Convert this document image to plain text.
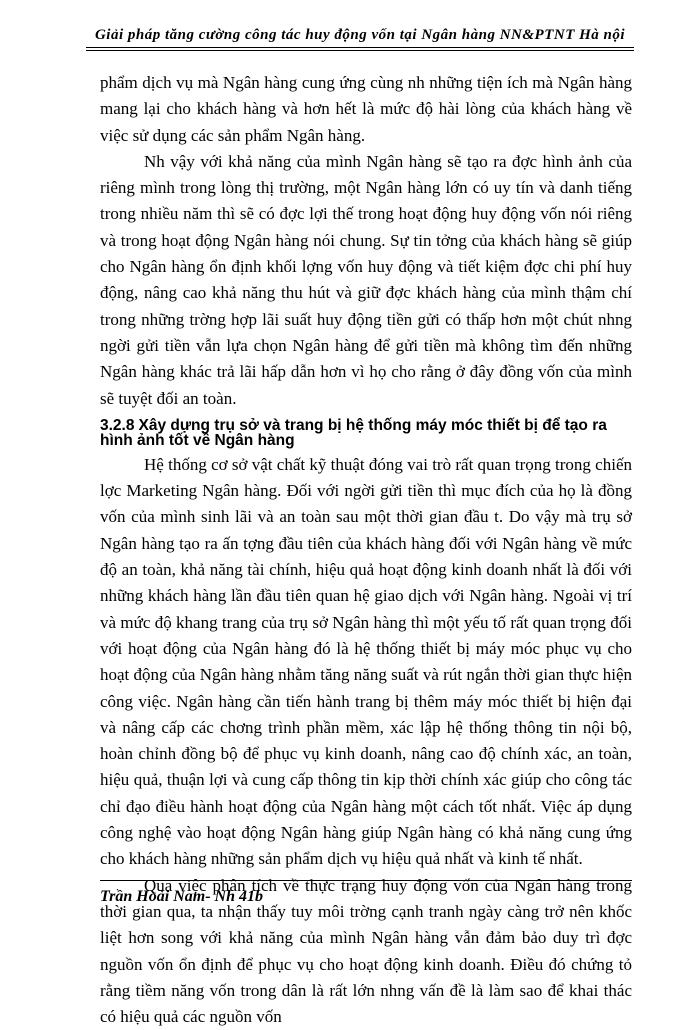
Giải pháp tăng cường công tác huy động vốn tại Ngân hàng NN&PTNT Hà nội

phẩm dịch vụ mà Ngân hàng cung ứng cùng nh những tiện ích mà Ngân hàng mang lại cho khách hàng và hơn hết là mức độ hài lòng của khách hàng về việc sử dụng các sản phẩm Ngân hàng.

Nh vậy với khả năng của mình Ngân hàng sẽ tạo ra đợc hình ảnh của riêng mình trong lòng thị trường, một Ngân hàng lớn có uy tín và danh tiếng trong nhiều năm thì sẽ có đợc lợi thế trong hoạt động huy động vốn nói riêng và trong hoạt động Ngân hàng nói chung. Sự tin tởng của khách hàng sẽ giúp cho Ngân hàng ổn định khối lợng vốn huy động và tiết kiệm đợc chi phí huy động, nâng cao khả năng thu hút và giữ đợc khách hàng của mình thậm chí trong những trờng hợp lãi suất huy động tiền gửi có thấp hơn một chút nhng ngời gửi tiền vẫn lựa chọn Ngân hàng để gửi tiền mà không tìm đến những Ngân hàng khác trả lãi hấp dẫn hơn vì họ cho rằng ở đây đồng vốn của mình sẽ tuyệt đối an toàn.

3.2.8 Xây dựng trụ sở và trang bị hệ thống máy móc thiết bị để tạo ra hình ảnh tốt về Ngân hàng

Hệ thống cơ sở vật chất kỹ thuật đóng vai trò rất quan trọng trong chiến lợc Marketing Ngân hàng. Đối với ngời gửi tiền thì mục đích của họ là đồng vốn của mình sinh lãi và an toàn sau một thời gian đầu t. Do vậy mà trụ sở Ngân hàng tạo ra ấn tợng đầu tiên của khách hàng đối với Ngân hàng về mức độ an toàn, khả năng tài chính, hiệu quả hoạt động kinh doanh nhất là đối với những khách hàng lần đầu tiên quan hệ giao dịch với Ngân hàng. Ngoài vị trí và mức độ khang trang của trụ sở Ngân hàng thì một yếu tố rất quan trọng đối với hoạt động của Ngân hàng đó là hệ thống thiết bị máy móc phục vụ cho hoạt động của Ngân hàng nhằm tăng năng suất và rút ngắn thời gian thực hiện công việc. Ngân hàng cần tiến hành trang bị thêm máy móc thiết bị hiện đại và nâng cấp các chơng trình phần mềm, xác lập hệ thống thông tin nội bộ, hoàn chỉnh đồng bộ để phục vụ kinh doanh, nâng cao độ chính xác, an toàn, hiệu quả, thuận lợi và cung cấp thông tin kịp thời chính xác giúp cho công tác chỉ đạo điều hành hoạt động của Ngân hàng một cách tốt nhất. Việc áp dụng công nghệ vào hoạt động Ngân hàng giúp Ngân hàng có khả năng cung ứng cho khách hàng những sản phẩm dịch vụ hiệu quả nhất và kinh tế nhất.

Qua việc phân tích về thực trạng huy động vốn của Ngân hàng trong thời gian qua, ta nhận thấy tuy môi trờng cạnh tranh ngày càng trở nên khốc liệt hơn song với khả năng của mình Ngân hàng vẫn đảm bảo duy trì đợc nguồn vốn ổn định để phục vụ cho hoạt động kinh doanh. Điều đó chứng tỏ rằng tiềm năng vốn trong dân là rất lớn nhng vấn đề là làm sao để khai thác có hiệu quả các nguồn vốn

Trần Hoài Nam- Nh 41b
